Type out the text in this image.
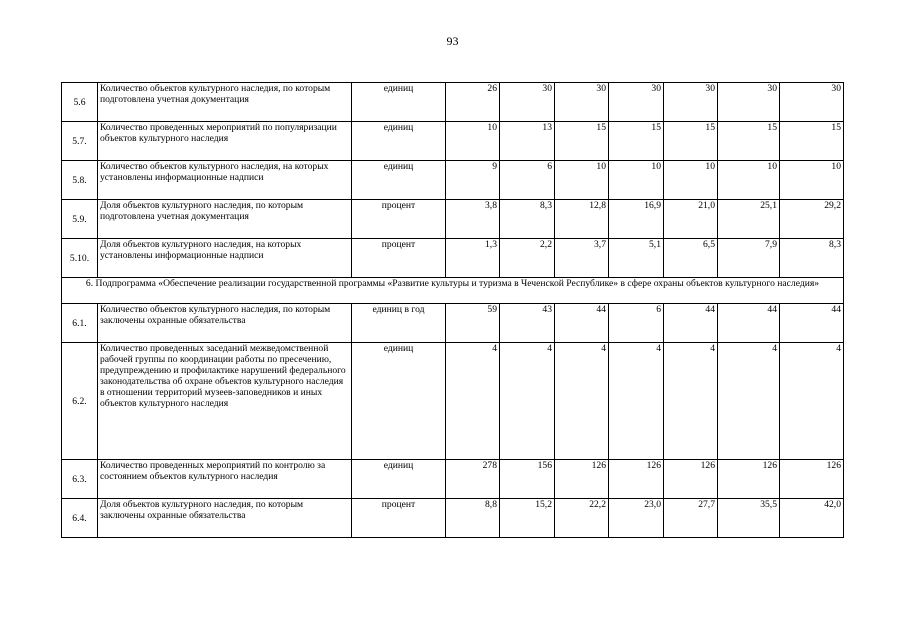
93
5.6	Количество объектов культурного наследия, по которым подготовлена учетная документация	единиц	26	30	30	30	30	30	30
5.7.	Количество проведенных мероприятий по популяризации объектов культурного наследия	единиц	10	13	15	15	15	15	15
5.8.	Количество объектов культурного наследия, на которых установлены информационные надписи	единиц	9	6	10	10	10	10	10
5.9.	Доля объектов культурного наследия, по которым подготовлена учетная документация	процент	3,8	8,3	12,8	16,9	21,0	25,1	29,2
5.10.	Доля объектов культурного наследия, на которых установлены информационные надписи	процент	1,3	2,2	3,7	5,1	6,5	7,9	8,3
6. Подпрограмма «Обеспечение реализации государственной программы «Развитие культуры и туризма в Чеченской Республике» в сфере охраны объектов культурного наследия»									
6.1.	Количество объектов культурного наследия, по которым заключены охранные обязательства	единиц в год	59	43	44	6	44	44	44
6.2.	Количество проведенных заседаний межведомственной рабочей группы по координации работы по пресечению, предупреждению и профилактике нарушений федерального законодательства об охране объектов культурного наследия в отношении территорий музеев-заповедников и иных объектов культурного наследия	единиц	4	4	4	4	4	4	4
6.3.	Количество проведенных мероприятий по контролю за состоянием объектов культурного наследия	единиц	278	156	126	126	126	126	126
6.4.	Доля объектов культурного наследия, по которым заключены охранные обязательства	процент	8,8	15,2	22,2	23,0	27,7	35,5	42,0
